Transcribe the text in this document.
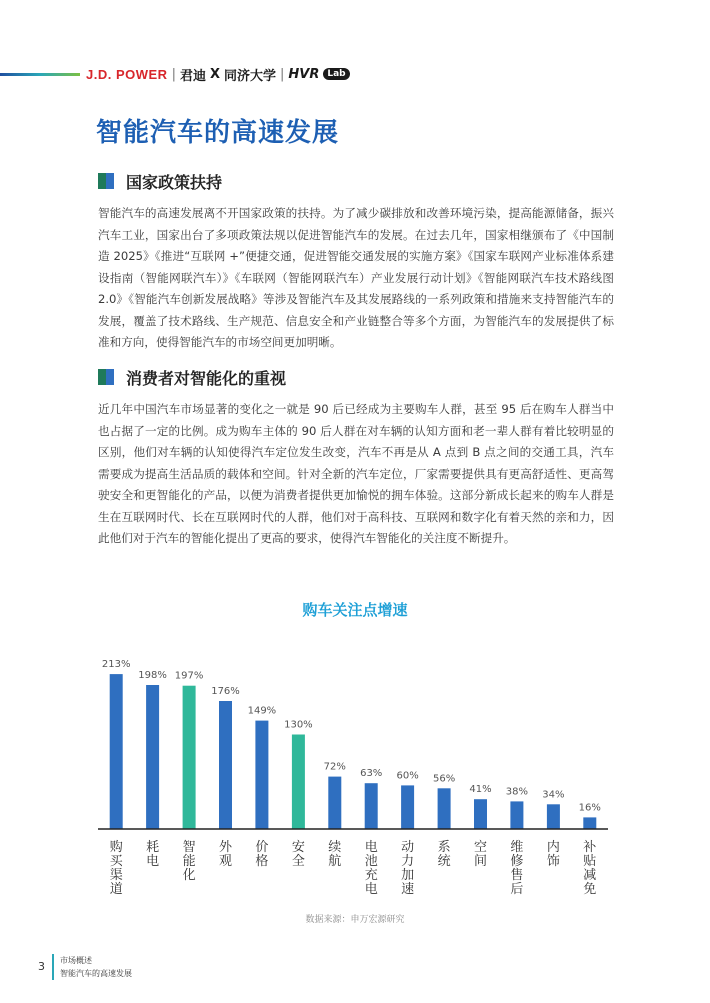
J.D. POWER | 君迪 X 同济大学 | HVR Lab
智能汽车的高速发展
国家政策扶持

智能汽车的高速发展离不开国家政策的扶持。为了减少碳排放和改善环境污染，提高能源储备，振兴汽车工业，国家出台了多项政策法规以促进智能汽车的发展。在过去几年，国家相继颁布了《中国制造 2025》《推进“互联网 +”便捷交通，促进智能交通发展的实施方案》《国家车联网产业标准体系建设指南（智能网联汽车）》《车联网（智能网联汽车）产业发展行动计划》《智能网联汽车技术路线图 2.0》《智能汽车创新发展战略》等涉及智能汽车及其发展路线的一系列政策和措施来支持智能汽车的发展，覆盖了技术路线、生产规范、信息安全和产业链整合等多个方面，为智能汽车的发展提供了标准和方向，使得智能汽车的市场空间更加明晰。

消费者对智能化的重视

近几年中国汽车市场显著的变化之一就是 90 后已经成为主要购车人群，甚至 95 后在购车人群当中也占据了一定的比例。成为购车主体的 90 后人群在对车辆的认知方面和老一辈人群有着比较明显的区别，他们对车辆的认知使得汽车定位发生改变，汽车不再是从 A 点到 B 点之间的交通工具，汽车需要成为提高生活品质的载体和空间。针对全新的汽车定位，厂家需要提供具有更高舒适性、更高驾驶安全和更智能化的产品，以便为消费者提供更加愉悦的拥车体验。这部分新成长起来的购车人群是生在互联网时代、长在互联网时代的人群，他们对于高科技、互联网和数字化有着天然的亲和力，因此他们对于汽车的智能化提出了更高的要求，使得汽车智能化的关注度不断提升。

购车关注点增速
213%
购买渠道
198%
耗电
197%
智能化
176%
外观
149%
价格
130%
安全
72%
续航
63%
电池充电
60%
动力加速
56%
系统
41%
空间
38%
维修售后
34%
内饰
16%
补贴减免
数据来源：申万宏源研究
3 市场概述
智能汽车的高速发展
